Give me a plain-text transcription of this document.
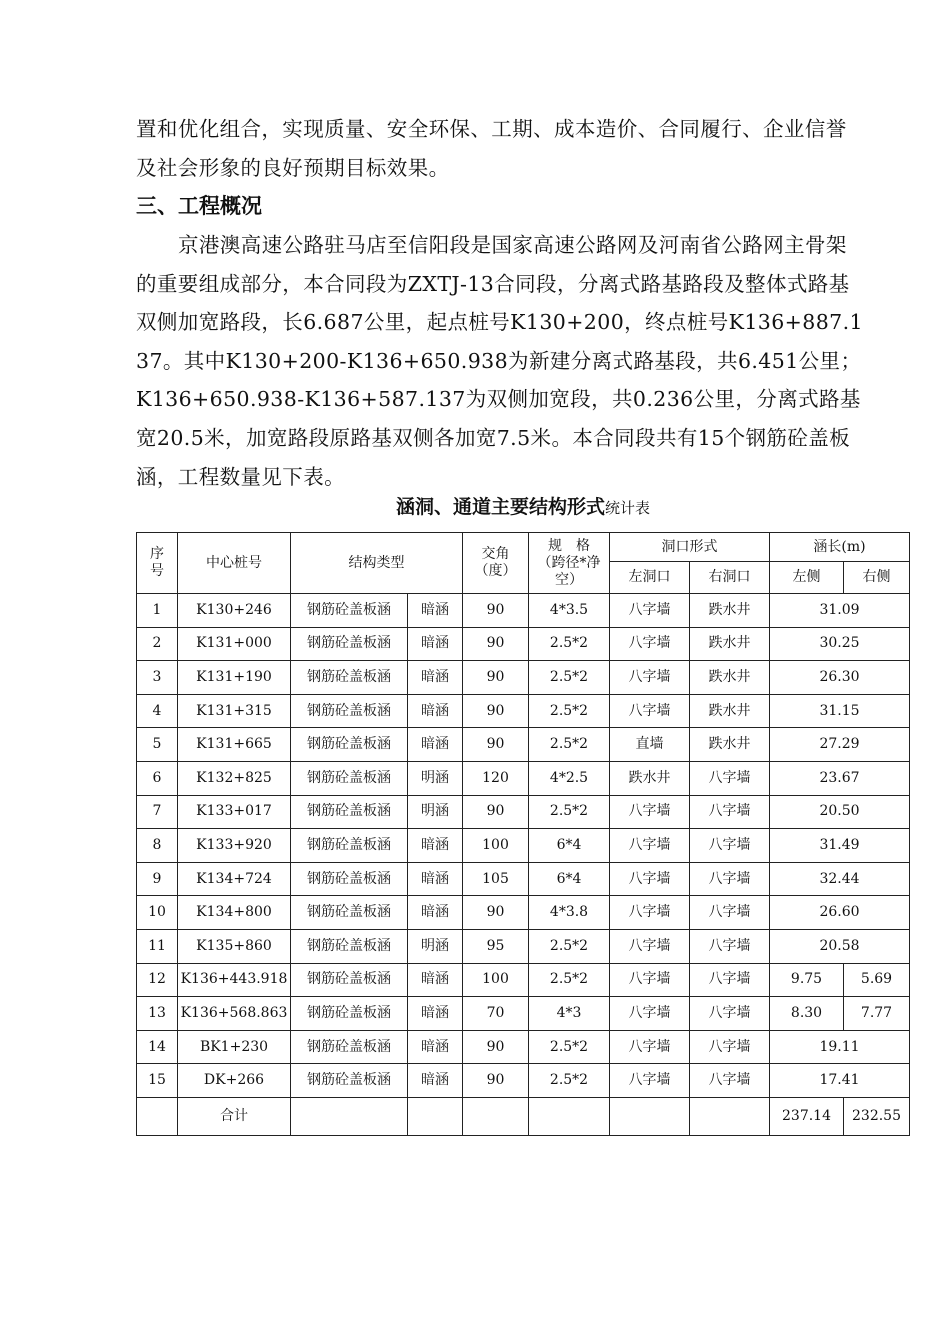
置和优化组合，实现质量、安全环保、工期、成本造价、合同履行、企业信誉及社会形象的良好预期目标效果。

三、工程概况

京港澳高速公路驻马店至信阳段是国家高速公路网及河南省公路网主骨架的重要组成部分，本合同段为ZXTJ-13合同段，分离式路基路段及整体式路基双侧加宽路段，长6.687公里，起点桩号K130+200，终点桩号K136+887.137。其中K130+200-K136+650.938为新建分离式路基段，共6.451公里；K136+650.938-K136+587.137为双侧加宽段，共0.236公里，分离式路基宽20.5米，加宽路段原路基双侧各加宽7.5米。本合同段共有15个钢筋砼盖板涵，工程数量见下表。

涵洞、通道主要结构形式统计表
序号	中心桩号	结构类型		交角（度）	规　格（跨径*净空）	洞口形式		涵长(m)	
						左洞口	右洞口	左侧	右侧
1	K130+246	钢筋砼盖板涵	暗涵	90	4*3.5	八字墙	跌水井	31.09	
2	K131+000	钢筋砼盖板涵	暗涵	90	2.5*2	八字墙	跌水井	30.25	
3	K131+190	钢筋砼盖板涵	暗涵	90	2.5*2	八字墙	跌水井	26.30	
4	K131+315	钢筋砼盖板涵	暗涵	90	2.5*2	八字墙	跌水井	31.15	
5	K131+665	钢筋砼盖板涵	暗涵	90	2.5*2	直墙	跌水井	27.29	
6	K132+825	钢筋砼盖板涵	明涵	120	4*2.5	跌水井	八字墙	23.67	
7	K133+017	钢筋砼盖板涵	明涵	90	2.5*2	八字墙	八字墙	20.50	
8	K133+920	钢筋砼盖板涵	暗涵	100	6*4	八字墙	八字墙	31.49	
9	K134+724	钢筋砼盖板涵	暗涵	105	6*4	八字墙	八字墙	32.44	
10	K134+800	钢筋砼盖板涵	暗涵	90	4*3.8	八字墙	八字墙	26.60	
11	K135+860	钢筋砼盖板涵	明涵	95	2.5*2	八字墙	八字墙	20.58	
12	K136+443.918	钢筋砼盖板涵	暗涵	100	2.5*2	八字墙	八字墙	9.75	5.69
13	K136+568.863	钢筋砼盖板涵	暗涵	70	4*3	八字墙	八字墙	8.30	7.77
14	BK1+230	钢筋砼盖板涵	暗涵	90	2.5*2	八字墙	八字墙	19.11	
15	DK+266	钢筋砼盖板涵	暗涵	90	2.5*2	八字墙	八字墙	17.41	
	合计							237.14	232.55
